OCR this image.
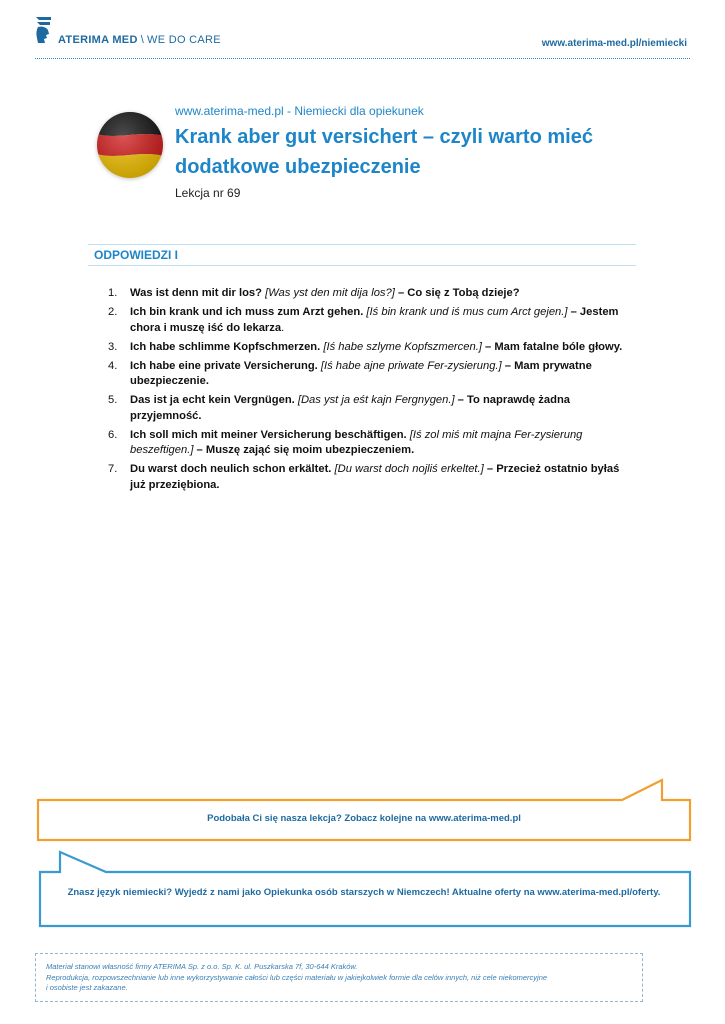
ATERIMA MED \ WE DO CARE	www.aterima-med.pl/niemiecki
www.aterima-med.pl - Niemiecki dla opiekunek
Krank aber gut versichert – czyli warto mieć dodatkowe ubezpieczenie
Lekcja nr 69
ODPOWIEDZI I
1. Was ist denn mit dir los? [Was yst den mit dija los?] – Co się z Tobą dzieje?
2. Ich bin krank und ich muss zum Arzt gehen. [Iś bin krank und iś mus cum Arct gejen.] – Jestem chora i muszę iść do lekarza.
3. Ich habe schlimme Kopfschmerzen. [Iś habe szlyme Kopfszmercen.] – Mam fatalne bóle głowy.
4. Ich habe eine private Versicherung. [Iś habe ajne priwate Fer-zysierung.] – Mam prywatne ubezpieczenie.
5. Das ist ja echt kein Vergnügen. [Das yst ja eśt kajn Fergnygen.] – To naprawdę żadna przyjemność.
6. Ich soll mich mit meiner Versicherung beschäftigen. [Iś zol miś mit majna Fer-zysierung beszeftigen.] – Muszę zająć się moim ubezpieczeniem.
7. Du warst doch neulich schon erkältet. [Du warst doch nojliś erkeltet.] – Przecież ostatnio byłaś już przeziębiona.
Podobała Ci się nasza lekcja? Zobacz kolejne na www.aterima-med.pl
Znasz język niemiecki? Wyjedź z nami jako Opiekunka osób starszych w Niemczech! Aktualne oferty na www.aterima-med.pl/oferty.
Materiał stanowi własność firmy ATERIMA Sp. z o.o. Sp. K. ul. Puszkarska 7f, 30-644 Kraków.
Reprodukcja, rozpowszechnianie lub inne wykorzystywanie całości lub części materiału w jakiejkolwiek formie dla celów innych, niż cele niekomercyjne
i osobiste jest zakazane.
